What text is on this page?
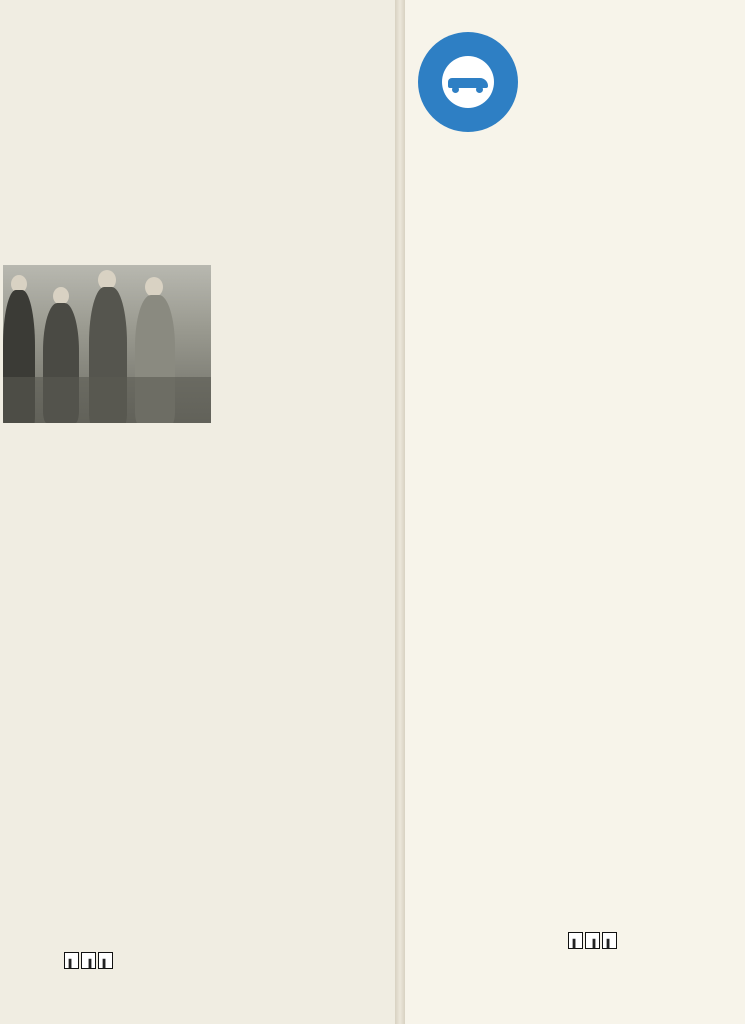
▌	▐	▌
▌	▐	▌
